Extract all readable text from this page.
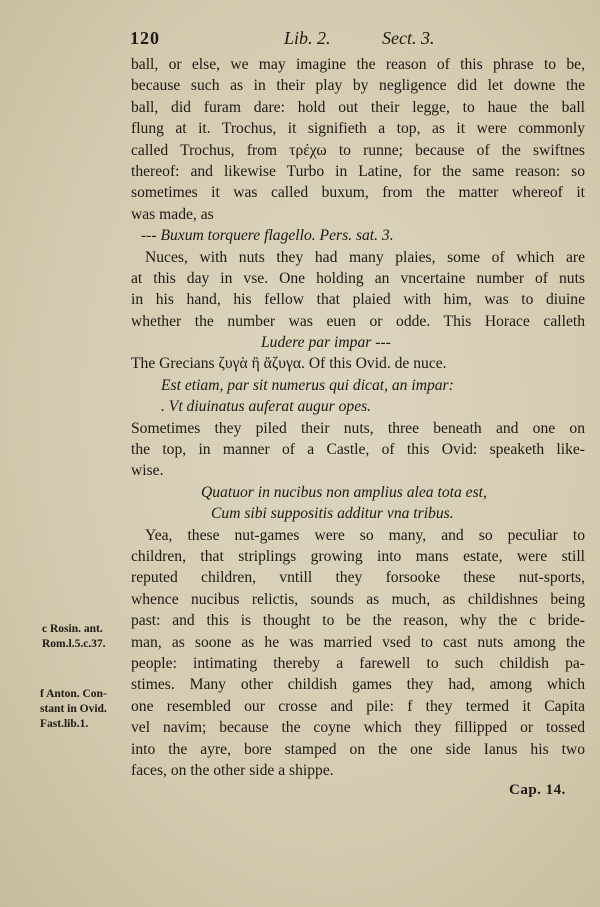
120	Lib. 2.	Sect. 3.
ball, or else, we may imagine the reason of this phrase to be,
because such as in their play by negligence did let downe the
ball, did furam dare: hold out their legge, to haue the ball
flung at it. Trochus, it signifieth a top, as it were commonly
called Trochus, from τρέχω to runne; because of the swiftnes
thereof: and likewise Turbo in Latine, for the same reason: so
sometimes it was called buxum, from the matter whereof it
was made, as
--- Buxum torquere flagello. Pers. sat. 3.
Nuces, with nuts they had many plaies, some of which are
at this day in vse. One holding an vncertaine number of nuts
in his hand, his fellow that plaied with him, was to diuine
whether the number was euen or odde. This Horace calleth
Ludere par impar ---
The Grecians ζυγὰ ἢ ἄζυγα. Of this Ovid. de nuce.
Est etiam, par sit numerus qui dicat, an impar:
. Vt diuinatus auferat augur opes.
Sometimes they piled their nuts, three beneath and one on
the top, in manner of a Castle, of this Ovid: speaketh like-
wise.
Quatuor in nucibus non amplius alea tota est,
Cum sibi suppositis additur vna tribus.
Yea, these nut-games were so many, and so peculiar to
children, that striplings growing into mans estate, were still
reputed children, vntill they forsooke these nut-sports,
whence nucibus relictis, sounds as much, as childishnes being
past: and this is thought to be the reason, why the c bride-
man, as soone as he was married vsed to cast nuts among the
people: intimating thereby a farewell to such childish pa-
stimes. Many other childish games they had, among which
one resembled our crosse and pile: f they termed it Capita
vel navim; because the coyne which they fillipped or tossed
into the ayre, bore stamped on the one side Ianus his two
faces, on the other side a shippe.
c Rosin. ant.
Rom.l.5.c.37.
f Anton. Con-
stant in Ovid.
Fast.lib.1.
Cap. 14.
